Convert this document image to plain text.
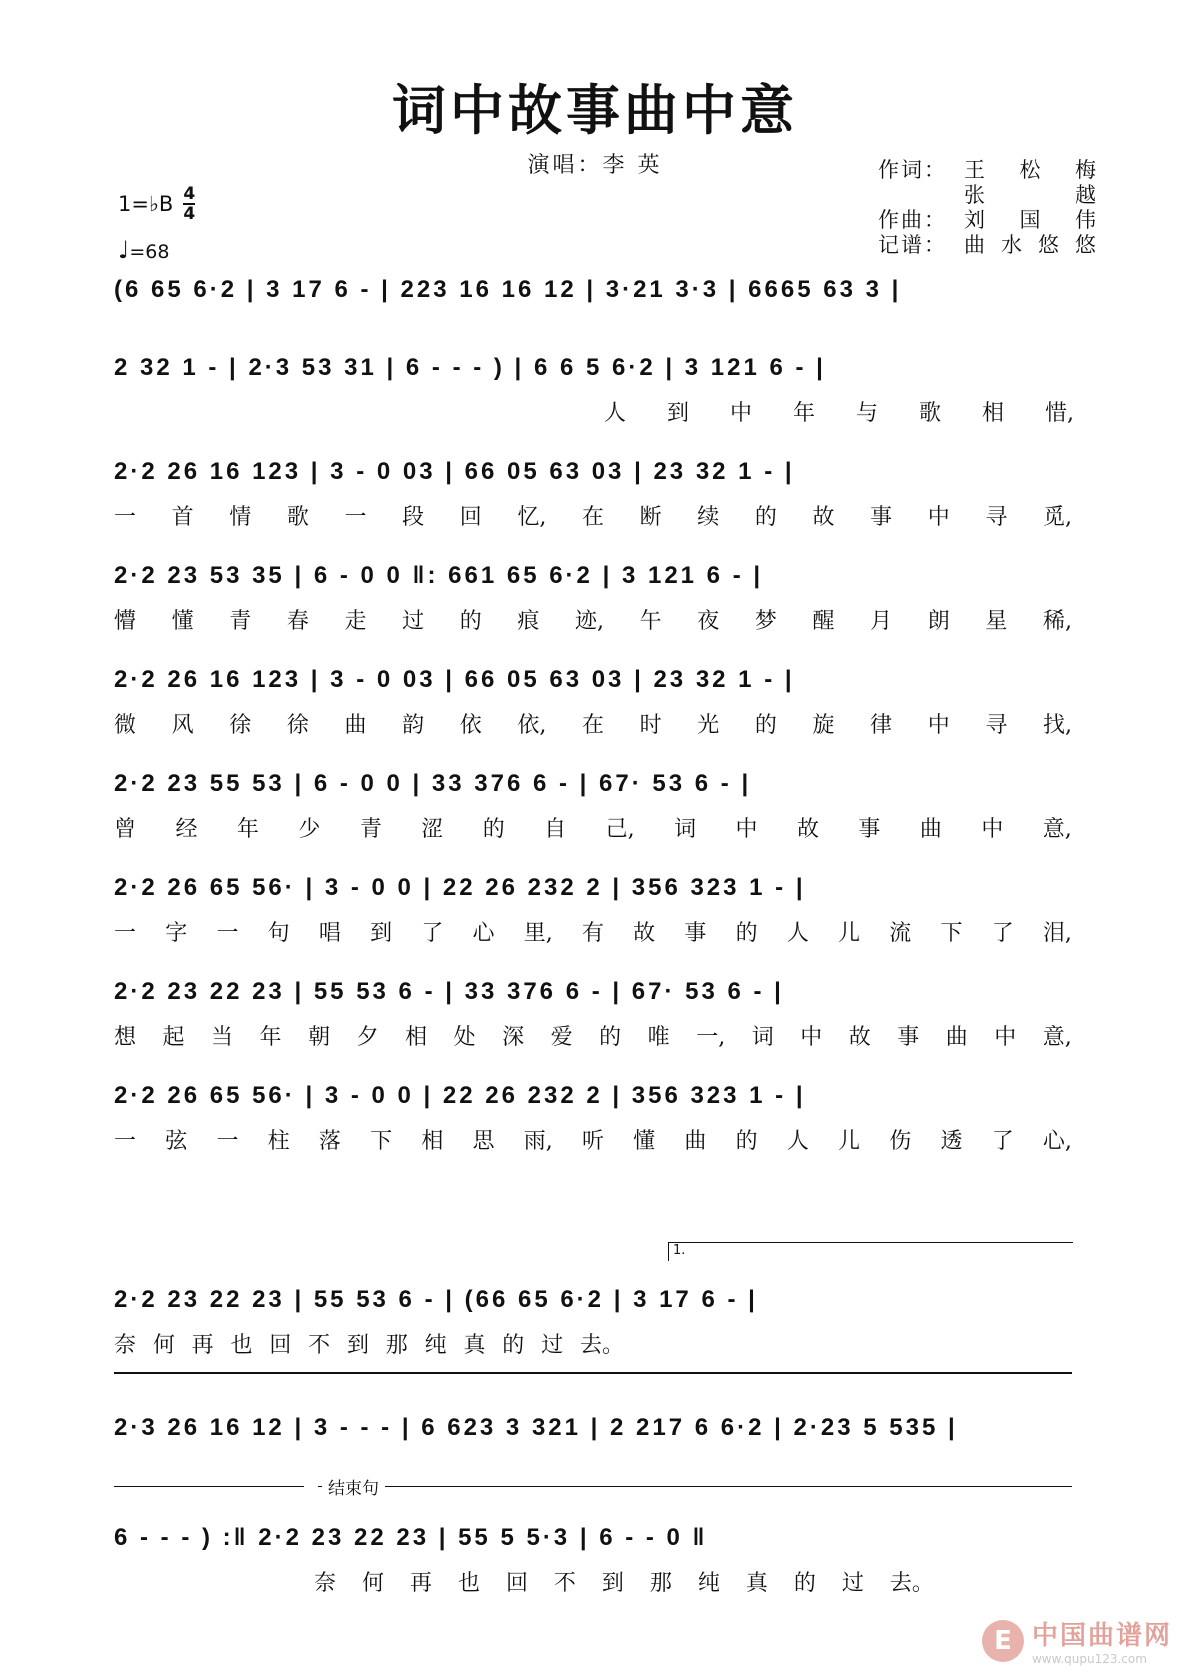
词中故事曲中意
演唱：李 英	作词： 王 松 梅
张	越
作曲： 刘 国 伟
记谱： 曲 水 悠 悠
1=♭B 4
4
♩=68
(6 65 6·2 | 3 17 6 - | 223 16 16 12 | 3·21 3·3 | 6665 63 3 |
2 32 1 - | 2·3 53 31 | 6 - - - ) | 6 6 5 6·2 | 3 121 6 - |
人 到 中 年 与 歌 相 惜,
2·2 26 16 123 | 3 - 0 03 | 66 05 63 03 | 23 32 1 - |
一 首 情 歌 一 段 回 忆, 在 断 续 的 故 事 中 寻 觅,
2·2 23 53 35 | 6 - 0 0 ‖: 661 65 6·2 | 3 121 6 - |
懵 懂 青 春 走 过 的 痕 迹, 午 夜 梦 醒 月 朗 星 稀,
2·2 26 16 123 | 3 - 0 03 | 66 05 63 03 | 23 32 1 - |
微 风 徐 徐 曲 韵 依 依, 在 时 光 的 旋 律 中 寻 找,
2·2 23 55 53 | 6 - 0 0 | 33 376 6 - | 67· 53 6 - |
曾 经 年 少 青 涩 的 自 己, 词 中 故 事 曲 中 意,
2·2 26 65 56· | 3 - 0 0 | 22 26 232 2 | 356 323 1 - |
一 字 一 句 唱 到 了 心 里, 有 故 事 的 人 儿 流 下 了 泪,
2·2 23 22 23 | 55 53 6 - | 33 376 6 - | 67· 53 6 - |
想 起 当 年 朝 夕 相 处 深 爱 的 唯 一, 词 中 故 事 曲 中 意,
2·2 26 65 56· | 3 - 0 0 | 22 26 232 2 | 356 323 1 - |
一 弦 一 柱 落 下 相 思 雨, 听 懂 曲 的 人 儿 伤 透 了 心,
1.
2·2 23 22 23 | 55 53 6 - | (66 65 6·2 | 3 17 6 - |
奈 何 再 也 回 不 到 那 纯 真 的 过 去。
2·3 26 16 12 | 3 - - - | 6 623 3 321 | 2 217 6 6·2 | 2·23 5 535 |
结束句
6 - - - ) :‖ 2·2 23 22 23 | 55 5 5·3 | 6 - - 0 ‖
奈 何 再 也 回 不 到 那 纯 真 的 过 去。
E 中国曲谱网
www.qupu123.com
